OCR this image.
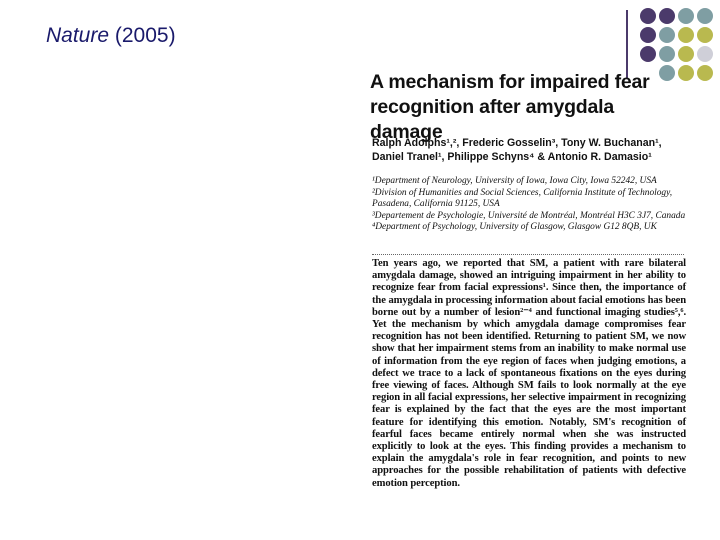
Nature (2005)
A mechanism for impaired fear recognition after amygdala damage
Ralph Adolphs¹,², Frederic Gosselin³, Tony W. Buchanan¹, Daniel Tranel¹, Philippe Schyns⁴ & Antonio R. Damasio¹

¹Department of Neurology, University of Iowa, Iowa City, Iowa 52242, USA

²Division of Humanities and Social Sciences, California Institute of Technology, Pasadena, California 91125, USA

³Departement de Psychologie, Université de Montréal, Montréal H3C 3J7, Canada

⁴Department of Psychology, University of Glasgow, Glasgow G12 8QB, UK

Ten years ago, we reported that SM, a patient with rare bilateral amygdala damage, showed an intriguing impairment in her ability to recognize fear from facial expressions¹. Since then, the importance of the amygdala in processing information about facial emotions has been borne out by a number of lesion²⁻⁴ and functional imaging studies⁵,⁶. Yet the mechanism by which amygdala damage compromises fear recognition has not been identified. Returning to patient SM, we now show that her impairment stems from an inability to make normal use of information from the eye region of faces when judging emotions, a defect we trace to a lack of spontaneous fixations on the eyes during free viewing of faces. Although SM fails to look normally at the eye region in all facial expressions, her selective impairment in recognizing fear is explained by the fact that the eyes are the most important feature for identifying this emotion. Notably, SM's recognition of fearful faces became entirely normal when she was instructed explicitly to look at the eyes. This finding provides a mechanism to explain the amygdala's role in fear recognition, and points to new approaches for the possible rehabilitation of patients with defective emotion perception.
